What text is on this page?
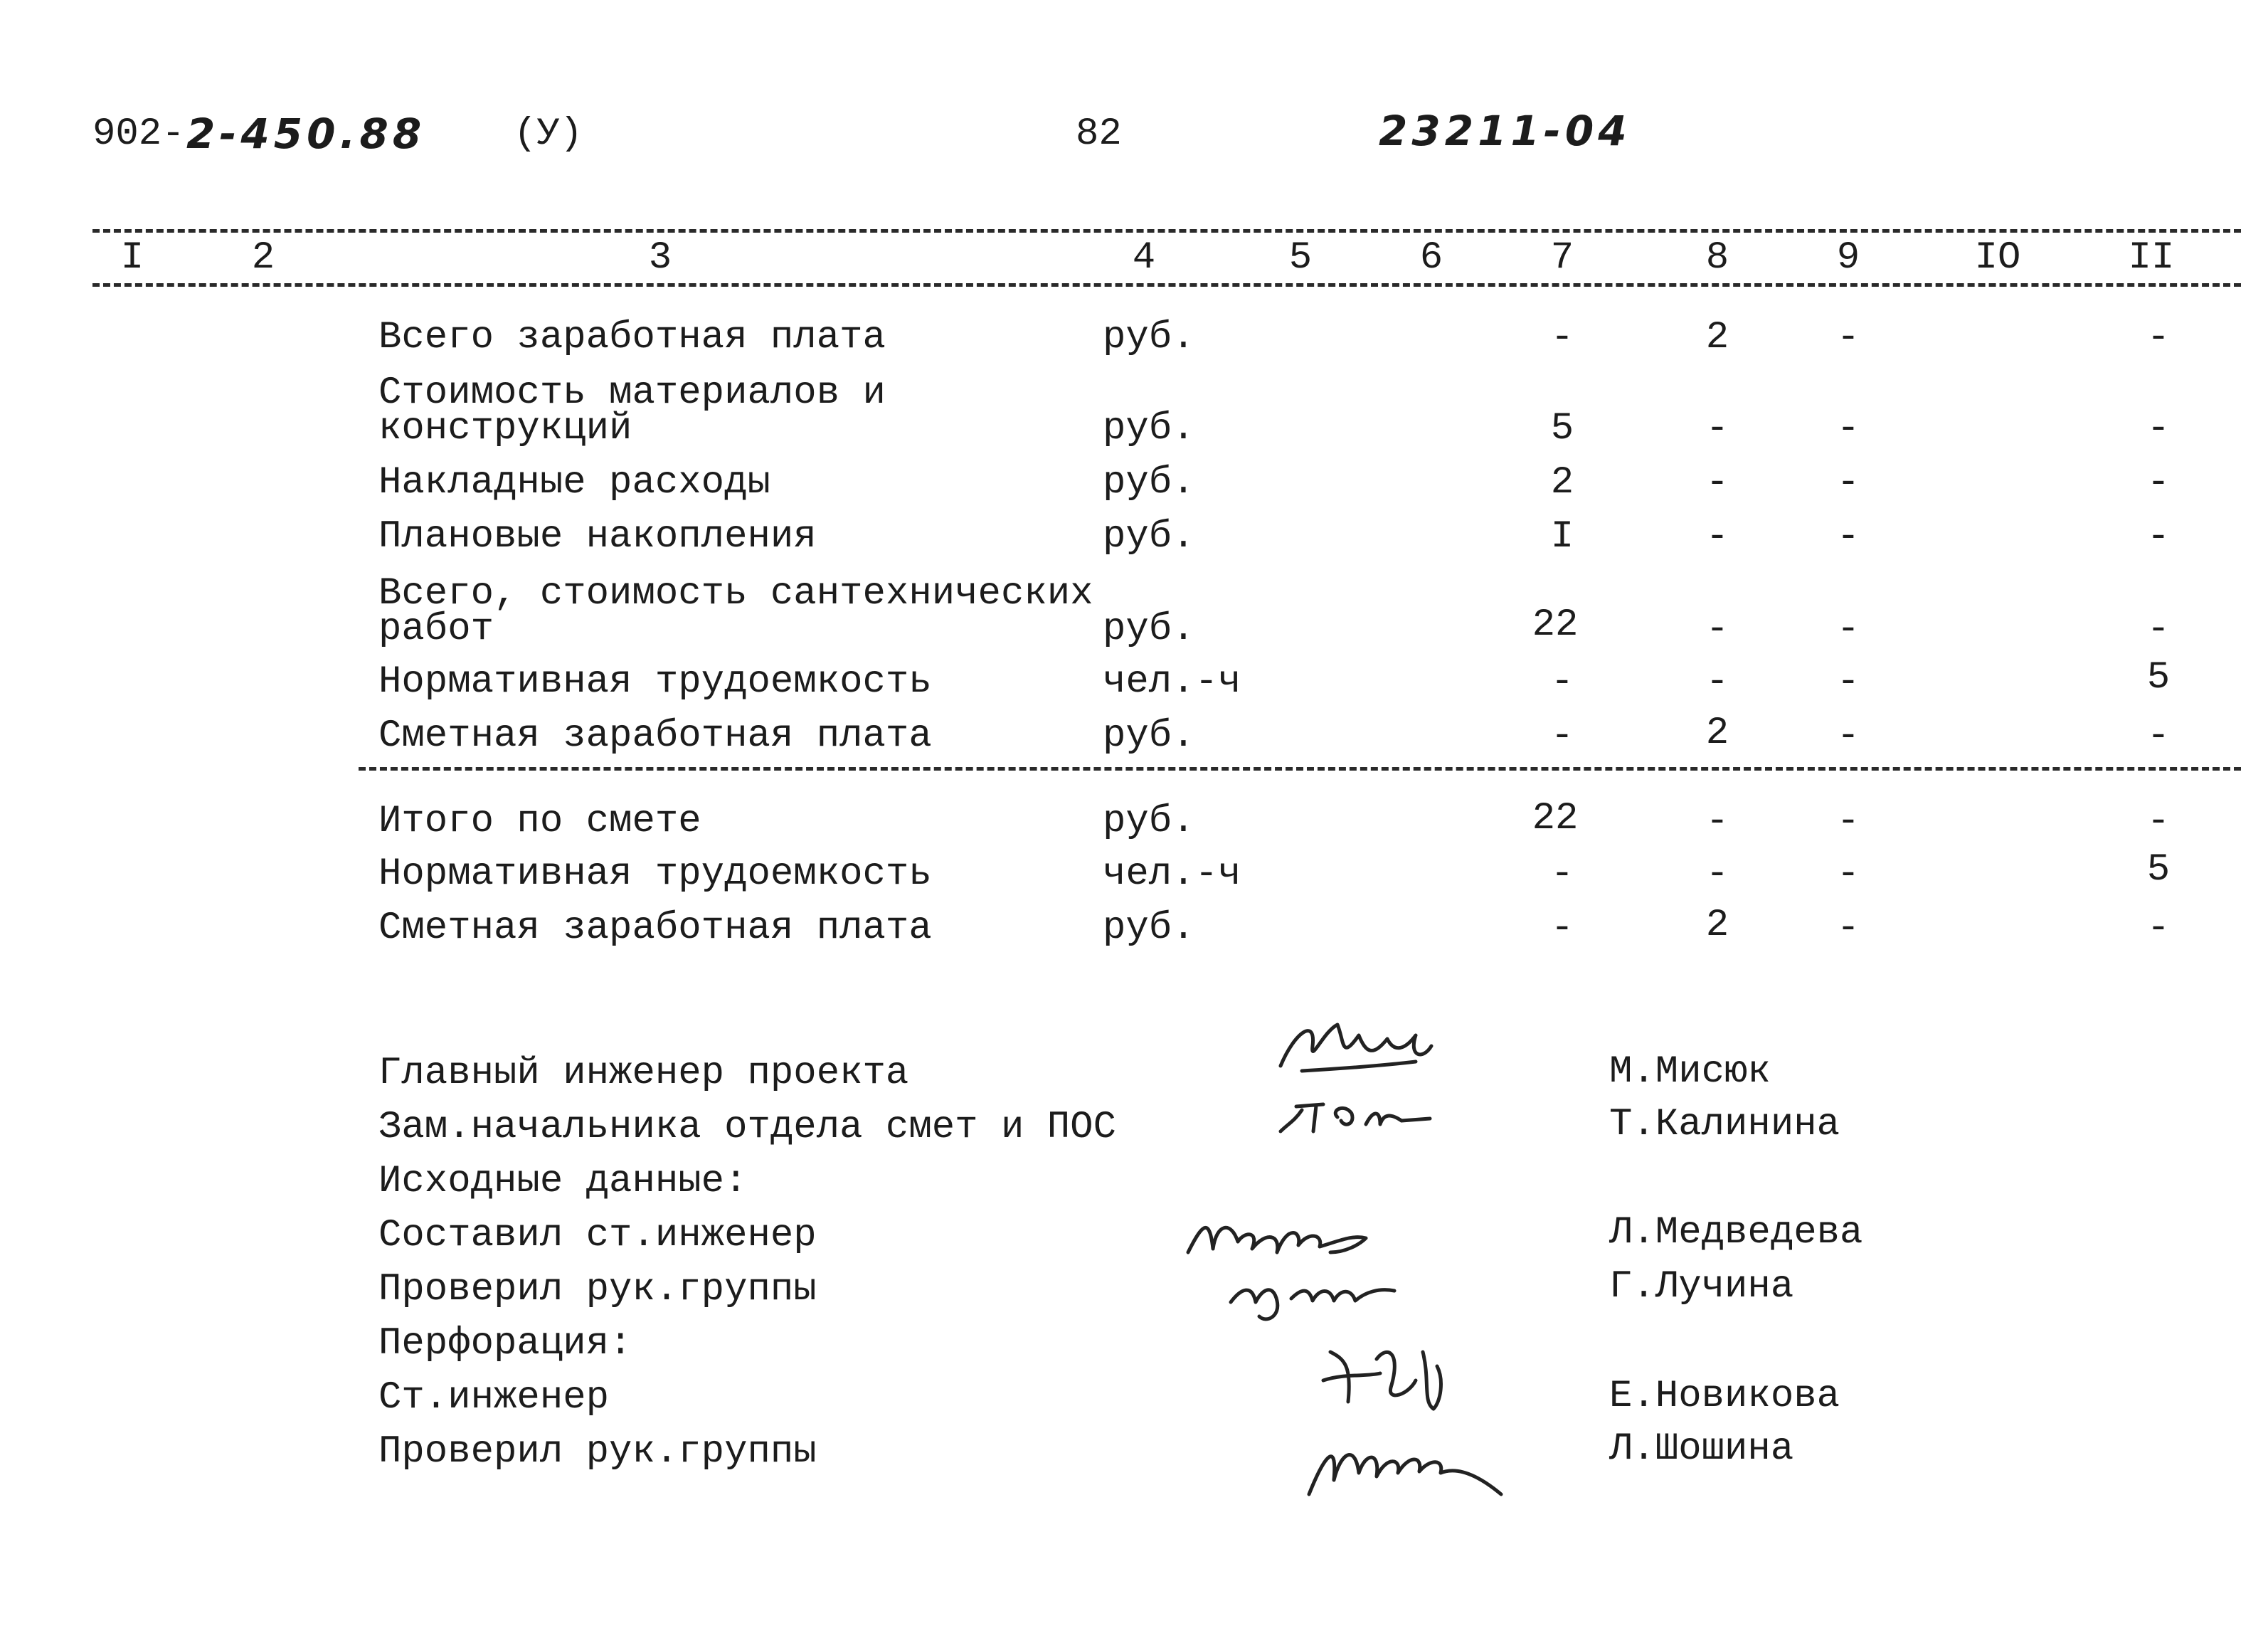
902- 2-450.88 (У)	82	23211-04
I	2	3	4	5	6	7	8	9	IO	II
Всего заработная плата	руб.	-	2	-	-
Стоимость материалов и
конструкций	руб.	5	-	-	-
Накладные расходы	руб.	2	-	-	-
Плановые накопления	руб.	I	-	-	-
Всего, стоимость сантехнических
работ	руб.	22	-	-	-
Нормативная трудоемкость	чел.-ч	-	-	-	5
Сметная заработная плата	руб.	-	2	-	-
Итого по смете	руб.	22	-	-	-
Нормативная трудоемкость	чел.-ч	-	-	-	5
Сметная заработная плата	руб.	-	2	-	-
Главный инженер проекта	М.Мисюк
Зам.начальника отдела смет и ПОС	Т.Калинина
Исходные данные:
Составил ст.инженер	Л.Медведева
Проверил рук.группы	Г.Лучина
Перфорация:
Ст.инженер	Е.Новикова
Проверил рук.группы	Л.Шошина
